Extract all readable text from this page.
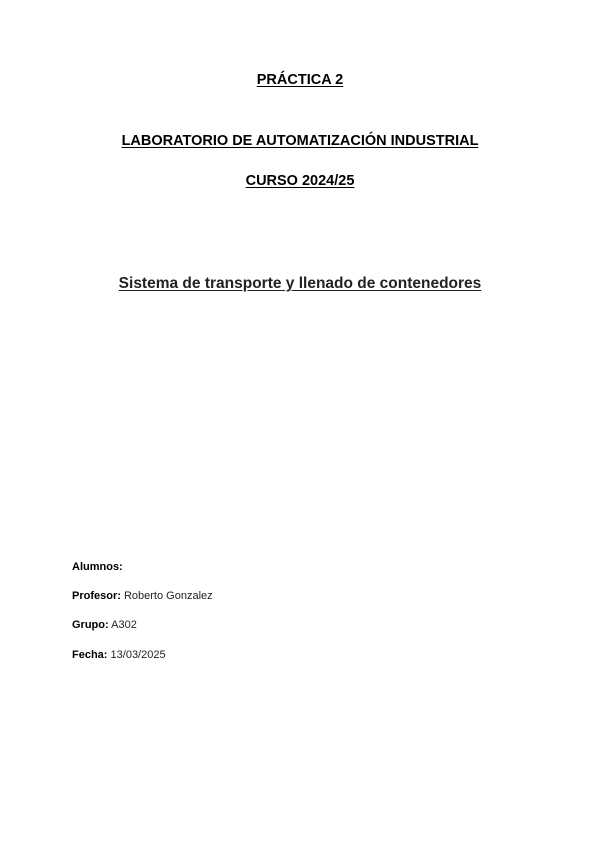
PRÁCTICA 2
LABORATORIO DE AUTOMATIZACIÓN INDUSTRIAL
CURSO 2024/25
Sistema de transporte y llenado de contenedores
Alumnos:
Profesor: Roberto Gonzalez
Grupo: A302
Fecha: 13/03/2025
